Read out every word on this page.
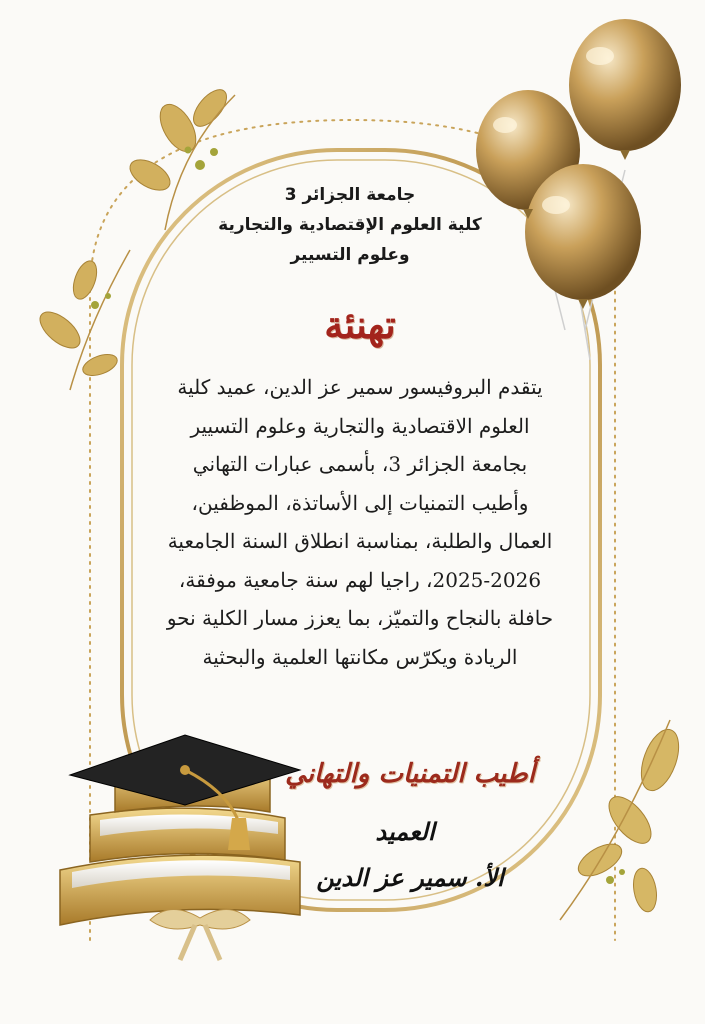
جامعة الجزائر 3
كلية العلوم الإقتصادية والتجارية
وعلوم التسيير
تهنئة
يتقدم البروفيسور سمير عز الدين، عميد كلية
العلوم الاقتصادية والتجارية وعلوم التسيير
بجامعة الجزائر 3، بأسمى عبارات التهاني
وأطيب التمنيات إلى الأساتذة، الموظفين،
العمال والطلبة، بمناسبة انطلاق السنة الجامعية
2025-2026، راجيا لهم سنة جامعية موفقة،
حافلة بالنجاح والتميّز، بما يعزز مسار الكلية نحو
الريادة ويكرّس مكانتها العلمية والبحثية
أطيب التمنيات والتهاني
العميد
الأ. سمير عز الدين
